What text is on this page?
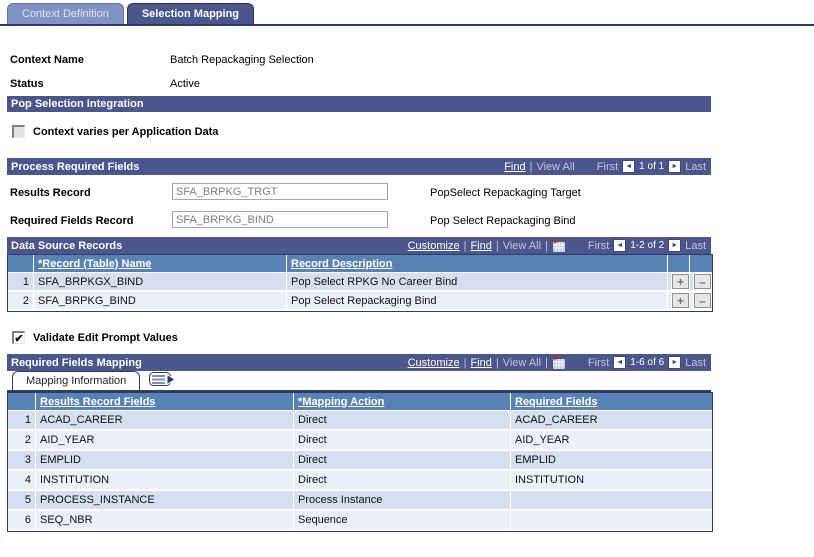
Context Definition	Selection Mapping
Context Name	Batch Repackaging Selection
Status	Active
Pop Selection Integration
Context varies per Application Data
Process Required Fields	Find | View All First	◄ 1 of 1	► Last
Results Record
SFA_BRPKG_TRGT	PopSelect Repackaging Target
Required Fields Record
SFA_BRPKG_BIND	Pop Select Repackaging Bind
Data Source Records	Customize | Find | View All |	First	◄ 1-2 of 2	► Last
	*Record (Table) Name	Record Description		
1	SFA_BRPKGX_BIND	Pop Select RPKG No Career Bind	+	–
2	SFA_BRPKG_BIND	Pop Select Repackaging Bind	+	–
✔ Validate Edit Prompt Values
Required Fields Mapping	Customize | Find | View All |	First	◄ 1-6 of 6	► Last
Mapping Information
	Results Record Fields	*Mapping Action	Required Fields
1	ACAD_CAREER	Direct	ACAD_CAREER
2	AID_YEAR	Direct	AID_YEAR
3	EMPLID	Direct	EMPLID
4	INSTITUTION	Direct	INSTITUTION
5	PROCESS_INSTANCE	Process Instance	
6	SEQ_NBR	Sequence	
